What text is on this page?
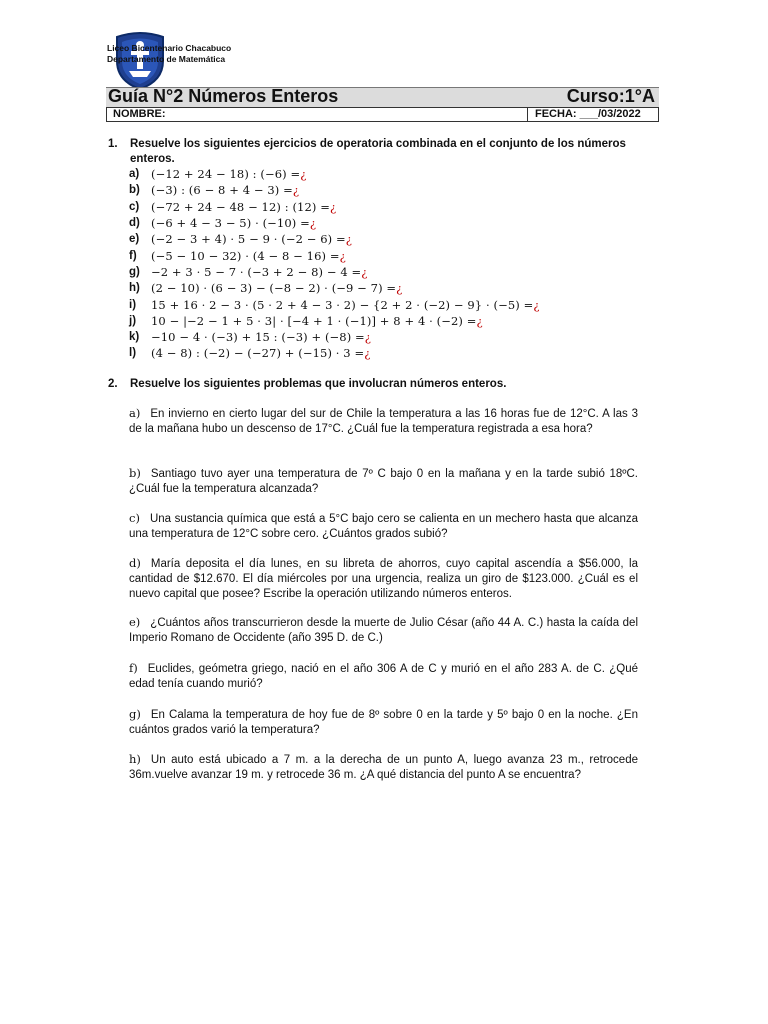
Liceo Bicentenario Chacabuco
Departamento de Matemática
Guía N°2 Números Enteros	Curso:1°A
NOMBRE:	FECHA: ___/03/2022
1. Resuelve los siguientes ejercicios de operatoria combinada en el conjunto de los números enteros.
a)	(−12 + 24 − 18) : (−6) = ¿
b) (−3) : (6 − 8 + 4 − 3) = ¿
c)	(−72 + 24 − 48 − 12) : (12) = ¿
d) (−6 + 4 − 3 − 5) · (−10) = ¿
e)	(−2 − 3 + 4) · 5 − 9 · (−2 − 6) = ¿
f)	(−5 − 10 − 32) · (4 − 8 − 16) = ¿
g) −2 + 3 · 5 − 7 · (−3 + 2 − 8) − 4 = ¿
h) (2 − 10) · (6 − 3) − (−8 − 2) · (−9 − 7) = ¿
i)	15 + 16 · 2 − 3 · (5 · 2 + 4 − 3 · 2) − {2 + 2 · (−2) − 9} · (−5) = ¿
j)	10 − |−2 − 1 + 5 · 3| · [−4 + 1 · (−1)] + 8 + 4 · (−2) = ¿
k)	−10 − 4 · (−3) + 15 : (−3) + (−8) = ¿
l)	(4 − 8) : (−2) − (−27) + (−15) · 3 = ¿
2. Resuelve los siguientes problemas que involucran números enteros.
a) En invierno en cierto lugar del sur de Chile la temperatura a las 16 horas fue de 12°C. A las 3 de la mañana hubo un descenso de 17°C. ¿Cuál fue la temperatura registrada a esa hora?
b) Santiago tuvo ayer una temperatura de 7º C bajo 0 en la mañana y en la tarde subió 18ºC. ¿Cuál fue la temperatura alcanzada?
c) Una sustancia química que está a 5°C bajo cero se calienta en un mechero hasta que alcanza una temperatura de 12°C sobre cero. ¿Cuántos grados subió?
d) María deposita el día lunes, en su libreta de ahorros, cuyo capital ascendía a $56.000, la cantidad de $12.670. El día miércoles por una urgencia, realiza un giro de $123.000. ¿Cuál es el nuevo capital que posee? Escribe la operación utilizando números enteros.
e) ¿Cuántos años transcurrieron desde la muerte de Julio César (año 44 A. C.) hasta la caída del Imperio Romano de Occidente (año 395 D. de C.)
f) Euclides, geómetra griego, nació en el año 306 A de C y murió en el año 283 A. de C. ¿Qué edad tenía cuando murió?
g) En Calama la temperatura de hoy fue de 8º sobre 0 en la tarde y 5º bajo 0 en la noche. ¿En cuántos grados varió la temperatura?
h) Un auto está ubicado a 7 m. a la derecha de un punto A, luego avanza 23 m., retrocede 36m.vuelve avanzar 19 m. y retrocede 36 m. ¿A qué distancia del punto A se encuentra?
